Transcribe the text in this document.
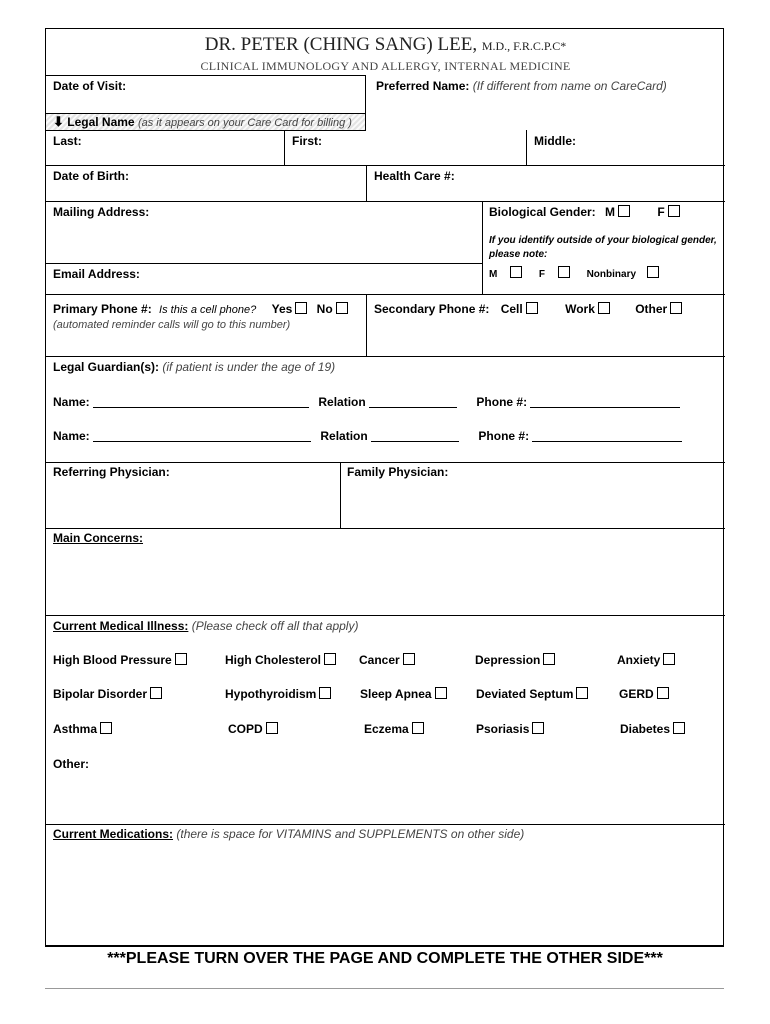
DR. PETER (CHING SANG) LEE, M.D., F.R.C.P.C*
CLINICAL IMMUNOLOGY AND ALLERGY, INTERNAL MEDICINE
Date of Visit:	Preferred Name: (If different from name on CareCard)
⬇ Legal Name (as it appears on your Care Card for billing )
Last:	First:	Middle:
Date of Birth:	Health Care #:
Mailing Address:	Biological Gender: M	F
If you identify outside of your biological gender, please note:
Email Address:	M	F	Nonbinary
Primary Phone #: Is this a cell phone? Yes No
(automated reminder calls will go to this number)
Secondary Phone #: Cell	Work	Other
Legal Guardian(s): (if patient is under the age of 19)
Name:	Relation	Phone #:
Name:	Relation	Phone #:
Referring Physician:	Family Physician:
Main Concerns:
Current Medical Illness: (Please check off all that apply)
High Blood Pressure	High Cholesterol	Cancer	Depression	Anxiety
Bipolar Disorder	Hypothyroidism	Sleep Apnea	Deviated Septum	GERD
Asthma	COPD	Eczema	Psoriasis	Diabetes
Other:
Current Medications: (there is space for VITAMINS and SUPPLEMENTS on other side)
***PLEASE TURN OVER THE PAGE AND COMPLETE THE OTHER SIDE***
